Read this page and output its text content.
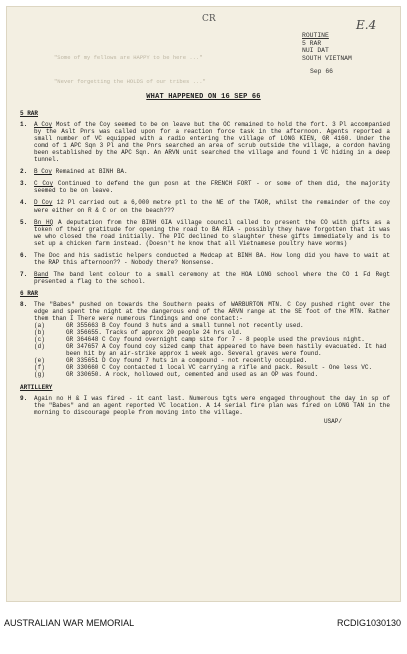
CR	E.4

"Some of my fellows are HAPPY to be here ..."

"Never forgetting the HOLDS of our tribes ..."

ROUTINE
5 RAR
NUI DAT
SOUTH VIETNAM
Sep 66
WHAT HAPPENED ON 16 SEP 66
5 RAR
1.	A Coy Most of the Coy seemed to be on leave but the OC remained to hold the fort. 3 Pl accompanied by the Aslt Pnrs was called upon for a reaction force task in the afternoon. Agents reported a small number of VC equipped with a radio entering the village of LONG KIEN, GR 4160. Under the comd of 1 APC Sqn 3 Pl and the Pnrs searched an area of scrub outside the village, a cordon having been established by the APC Sqn. An ARVN unit searched the village and found 1 VC hiding in a deep tunnel.
2.	B Coy Remained at BINH BA.
3.	C Coy Continued to defend the gun posn at the FRENCH FORT - or some of them did, the majority seemed to be on leave.
4.	D Coy 12 Pl carried out a 6,000 metre ptl to the NE of the TAOR, whilst the remainder of the coy were either on R & C or on the beach???
5.	Bn HQ A deputation from the BINH GIA village council called to present the CO with gifts as a token of their gratitude for opening the road to BA RIA - possibly they have forgotten that it was we who closed the road initially. The PIC declined to slaughter these gifts immediately and is to set up a chicken farm instead. (Doesn't he know that all Vietnamese poultry have worms)
6.	The Doc and his sadistic helpers conducted a Medcap at BINH BA. How long did you have to wait at the RAP this afternoon?? - Nobody there? Nonsense.
7.	Band The band lent colour to a small ceremony at the HOA LONG school where the CO 1 Fd Regt presented a flag to the school.
6 RAR
8.	The "Babes" pushed on towards the Southern peaks of WARBURTON MTN. C Coy pushed right over the edge and spent the night at the dangerous end of the ARVN range at the SE foot of the MTN. Rather them than I There were numerous findings and one contact:-
(a)	GR 355663 B Coy found 3 huts and a small tunnel not recently used.
(b)	GR 356655. Tracks of approx 20 people 24 hrs old.
(c)	GR 364648 C Coy found overnight camp site for 7 - 8 people used the previous night.
(d)	GR 347657 A Coy found coy sized camp that appeared to have been hastily evacuated. It had been hit by an air-strike approx 1 week ago. Several graves were found.
(e)	GR 335651 D Coy found 7 huts in a compound - not recently occupied.
(f)	GR 330660 C Coy contacted 1 local VC carrying a rifle and pack. Result - One less VC.
(g)	GR 330650. A rock, hollowed out, cemented and used as an OP was found.
ARTILLERY
9.	Again no H & I was fired - it cant last. Numerous tgts were engaged throughout the day in sp of the "Babes" and an agent reported VC location. A 14 serial fire plan was fired on LONG TAN in the morning to discourage people from moving into the village.
USAP/
AUSTRALIAN WAR MEMORIAL	RCDIG1030130
